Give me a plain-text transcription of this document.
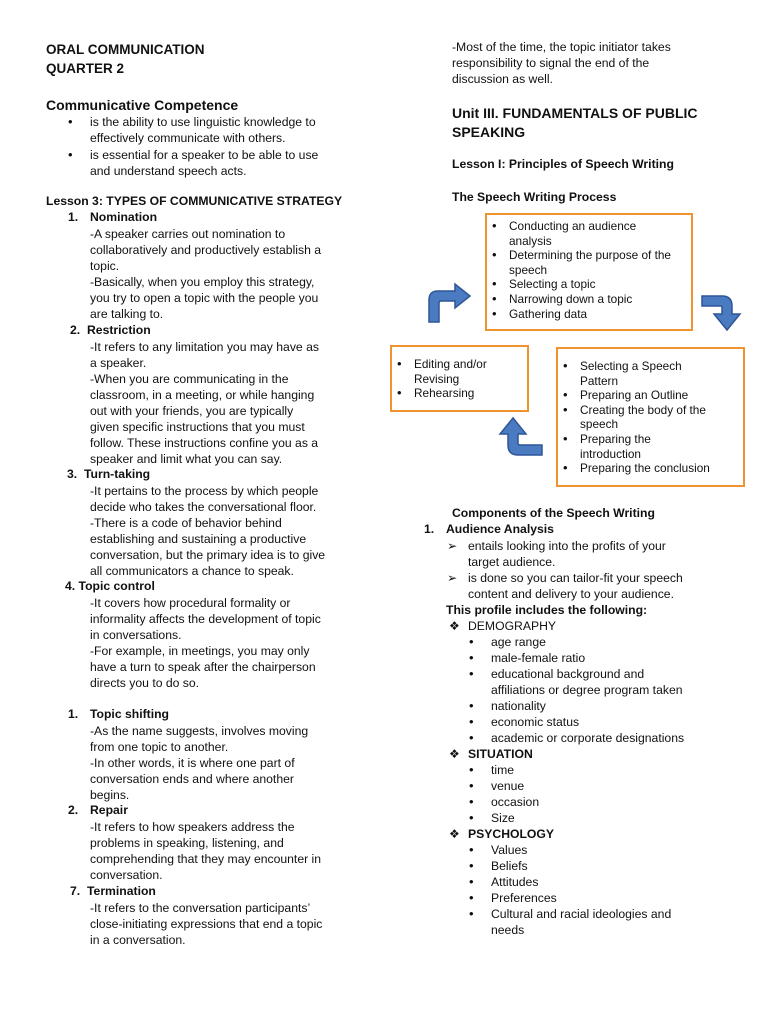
ORAL COMMUNICATION
QUARTER 2
Communicative Competence
• is the ability to use linguistic knowledge to
effectively communicate with others.
• is essential for a speaker to be able to use
and understand speech acts.
Lesson 3: TYPES OF COMMUNICATIVE STRATEGY
1. Nomination
-A speaker carries out nomination to
collaboratively and productively establish a
topic.
-Basically, when you employ this strategy,
you try to open a topic with the people you
are talking to.
2. Restriction
-It refers to any limitation you may have as
a speaker.
-When you are communicating in the
classroom, in a meeting, or while hanging
out with your friends, you are typically
given specific instructions that you must
follow. These instructions confine you as a
speaker and limit what you can say.
3. Turn-taking
-It pertains to the process by which people
decide who takes the conversational floor.
-There is a code of behavior behind
establishing and sustaining a productive
conversation, but the primary idea is to give
all communicators a chance to speak.
4. Topic control
-It covers how procedural formality or
informality affects the development of topic
in conversations.
-For example, in meetings, you may only
have a turn to speak after the chairperson
directs you to do so.
1. Topic shifting
-As the name suggests, involves moving
from one topic to another.
-In other words, it is where one part of
conversation ends and where another
begins.
2. Repair
-It refers to how speakers address the
problems in speaking, listening, and
comprehending that they may encounter in
conversation.
7. Termination
-It refers to the conversation participants’
close-initiating expressions that end a topic
in a conversation.
-Most of the time, the topic initiator takes
responsibility to signal the end of the
discussion as well.
Unit III. FUNDAMENTALS OF PUBLIC
SPEAKING
Lesson I: Principles of Speech Writing
The Speech Writing Process
• Conducting an audience analysis
• Determining the purpose of the speech
• Selecting a topic
• Narrowing down a topic
• Gathering data
• Editing and/or Revising
• Rehearsing
• Selecting a Speech Pattern
• Preparing an Outline
• Creating the body of the speech
• Preparing the introduction
• Preparing the conclusion
Components of the Speech Writing
1. Audience Analysis
➢ entails looking into the profits of your
target audience.
➢ is done so you can tailor-fit your speech
content and delivery to your audience.
This profile includes the following:
❖ DEMOGRAPHY
• age range
• male-female ratio
• educational background and
affiliations or degree program taken
• nationality
• economic status
• academic or corporate designations
❖ SITUATION
• time
• venue
• occasion
• Size
❖ PSYCHOLOGY
• Values
• Beliefs
• Attitudes
• Preferences
• Cultural and racial ideologies and
needs
